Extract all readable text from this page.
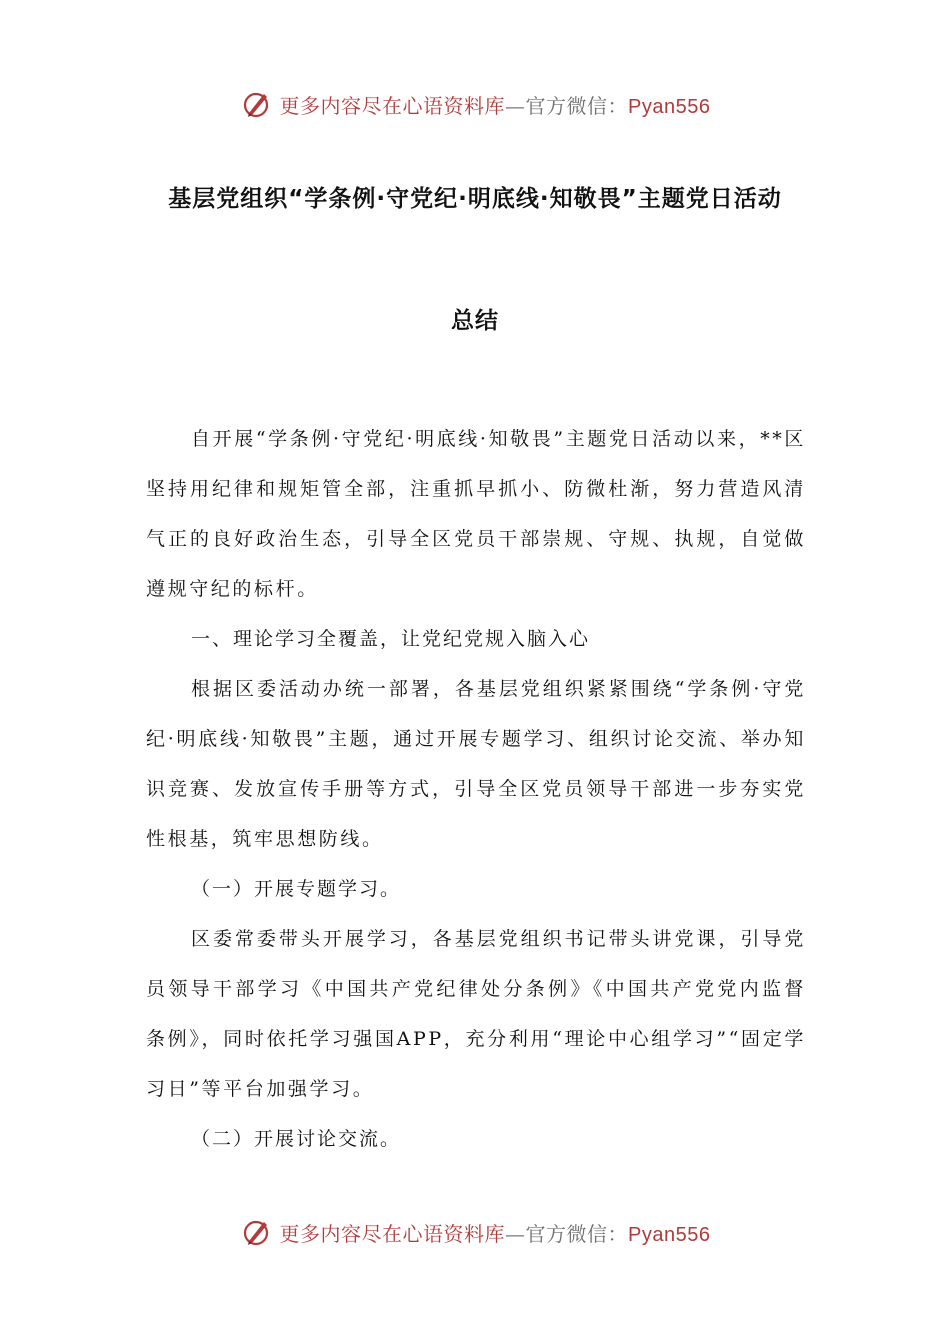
更多内容尽在心语资料库—官方微信：Pyan556
基层党组织“学条例·守党纪·明底线·知敬畏”主题党日活动
总结

自开展“学条例·守党纪·明底线·知敬畏”主题党日活动以来，**区坚持用纪律和规矩管全部，注重抓早抓小、防微杜渐，努力营造风清气正的良好政治生态，引导全区党员干部崇规、守规、执规，自觉做遵规守纪的标杆。

一、理论学习全覆盖，让党纪党规入脑入心

根据区委活动办统一部署，各基层党组织紧紧围绕“学条例·守党纪·明底线·知敬畏”主题，通过开展专题学习、组织讨论交流、举办知识竞赛、发放宣传手册等方式，引导全区党员领导干部进一步夯实党性根基，筑牢思想防线。

（一）开展专题学习。

区委常委带头开展学习，各基层党组织书记带头讲党课，引导党员领导干部学习《中国共产党纪律处分条例》《中国共产党党内监督条例》，同时依托学习强国APP，充分利用“理论中心组学习”“固定学习日”等平台加强学习。

（二）开展讨论交流。

更多内容尽在心语资料库—官方微信：Pyan556
